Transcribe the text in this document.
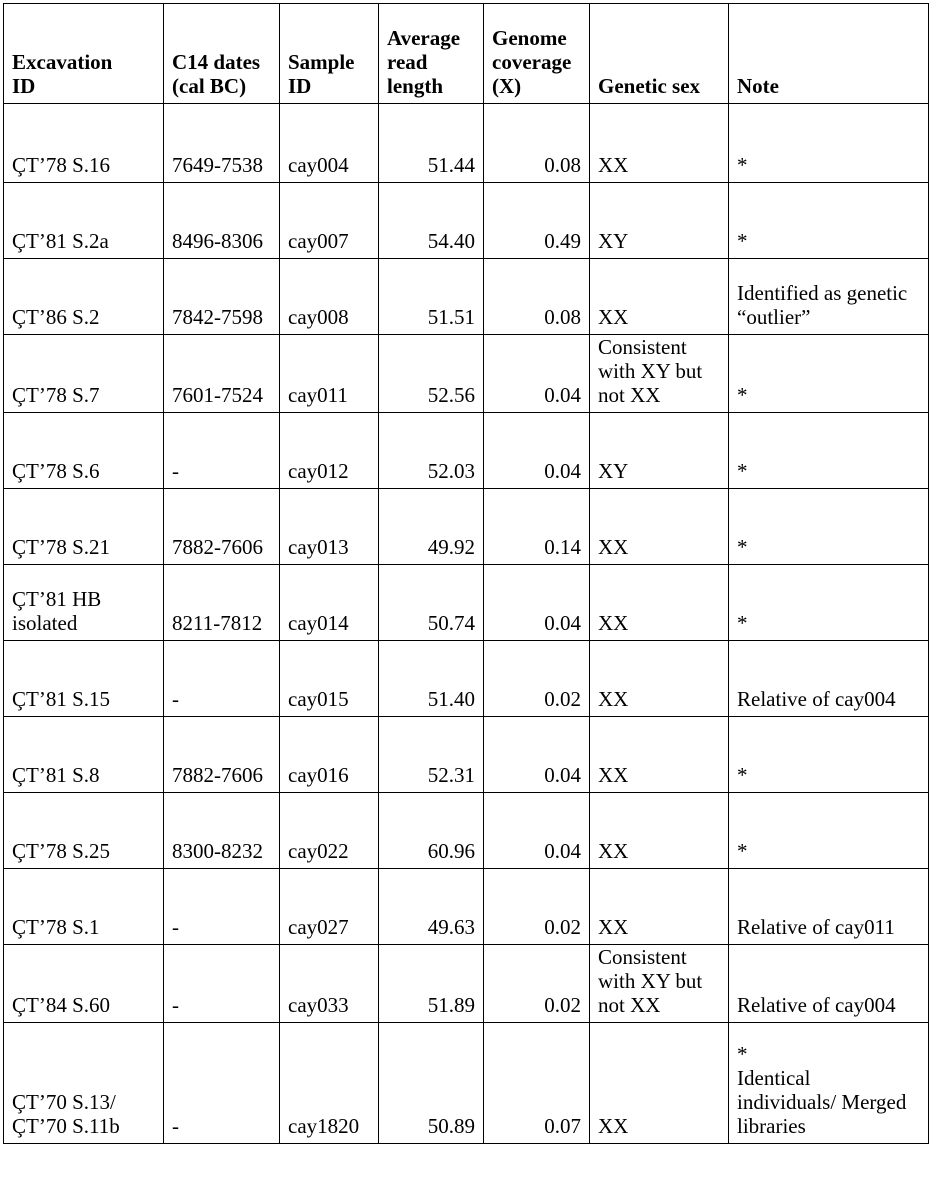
Excavation
ID	C14 dates
(cal BC)	Sample
ID	Average
read
length	Genome
coverage
(X)	Genetic sex	Note
ÇT’78 S.16	7649-7538	cay004	51.44	0.08	XX	*
ÇT’81 S.2a	8496-8306	cay007	54.40	0.49	XY	*
ÇT’86 S.2	7842-7598	cay008	51.51	0.08	XX	Identified as genetic
“outlier”
ÇT’78 S.7	7601-7524	cay011	52.56	0.04	Consistent
with XY but
not XX	*
ÇT’78 S.6	-	cay012	52.03	0.04	XY	*
ÇT’78 S.21	7882-7606	cay013	49.92	0.14	XX	*
ÇT’81 HB
isolated	8211-7812	cay014	50.74	0.04	XX	*
ÇT’81 S.15	-	cay015	51.40	0.02	XX	Relative of cay004
ÇT’81 S.8	7882-7606	cay016	52.31	0.04	XX	*
ÇT’78 S.25	8300-8232	cay022	60.96	0.04	XX	*
ÇT’78 S.1	-	cay027	49.63	0.02	XX	Relative of cay011
ÇT’84 S.60	-	cay033	51.89	0.02	Consistent
with XY but
not XX	Relative of cay004
ÇT’70 S.13/
ÇT’70 S.11b	-	cay1820	50.89	0.07	XX	*
Identical
individuals/ Merged
libraries
